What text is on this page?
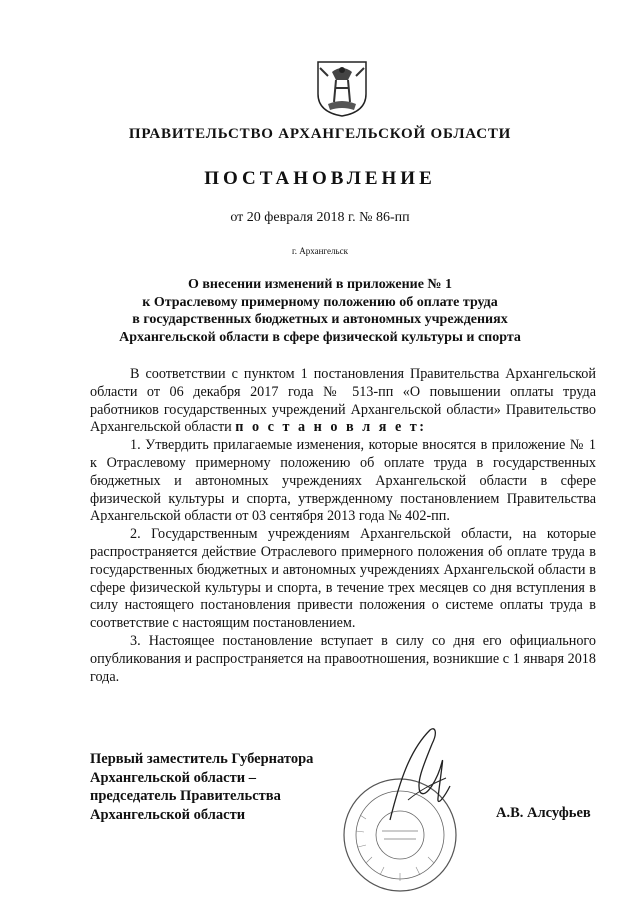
ПРАВИТЕЛЬСТВО АРХАНГЕЛЬСКОЙ ОБЛАСТИ
ПОСТАНОВЛЕНИЕ
от 20 февраля 2018 г. № 86-пп
г. Архангельск
О внесении изменений в приложение № 1
к Отраслевому примерному положению об оплате труда
в государственных бюджетных и автономных учреждениях
Архангельской области в сфере физической культуры и спорта

В соответствии с пунктом 1 постановления Правительства Архангельской области от 06 декабря 2017 года № 513-пп «О повышении оплаты труда работников государственных учреждений Архангельской области» Правительство Архангельской области п о с т а н о в л я е т:

1. Утвердить прилагаемые изменения, которые вносятся в приложение № 1 к Отраслевому примерному положению об оплате труда в государственных бюджетных и автономных учреждениях Архангельской области в сфере физической культуры и спорта, утвержденному постановлением Правительства Архангельской области от 03 сентября 2013 года № 402-пп.

2. Государственным учреждениям Архангельской области, на которые распространяется действие Отраслевого примерного положения об оплате труда в государственных бюджетных и автономных учреждениях Архангельской области в сфере физической культуры и спорта, в течение трех месяцев со дня вступления в силу настоящего постановления привести положения о системе оплаты труда в соответствие с настоящим постановлением.

3. Настоящее постановление вступает в силу со дня его официального опубликования и распространяется на правоотношения, возникшие с 1 января 2018 года.

Первый заместитель Губернатора
Архангельской области –
председатель Правительства
Архангельской области	А.В. Алсуфьев
